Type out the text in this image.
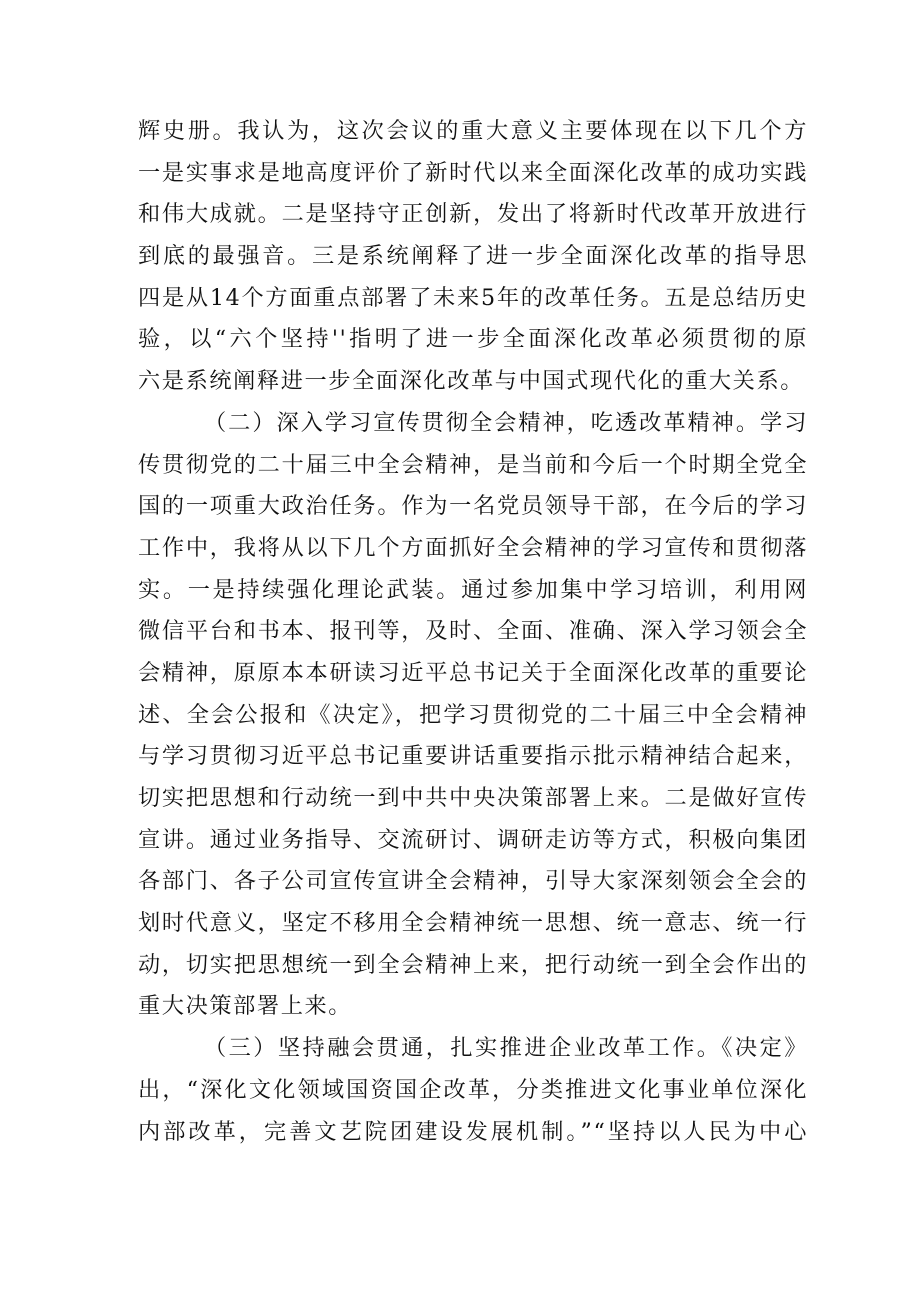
辉史册。我认为，这次会议的重大意义主要体现在以下几个方
一是实事求是地高度评价了新时代以来全面深化改革的成功实践
和伟大成就。二是坚持守正创新，发出了将新时代改革开放进行
到底的最强音。三是系统阐释了进一步全面深化改革的指导思
四是从14个方面重点部署了未来5年的改革任务。五是总结历史
验，以“六个坚持''指明了进一步全面深化改革必须贯彻的原
六是系统阐释进一步全面深化改革与中国式现代化的重大关系。
（二）深入学习宣传贯彻全会精神，吃透改革精神。学习
传贯彻党的二十届三中全会精神，是当前和今后一个时期全党全
国的一项重大政治任务。作为一名党员领导干部，在今后的学习
工作中，我将从以下几个方面抓好全会精神的学习宣传和贯彻落
实。一是持续强化理论武装。通过参加集中学习培训，利用网
微信平台和书本、报刊等，及时、全面、准确、深入学习领会全
会精神，原原本本研读习近平总书记关于全面深化改革的重要论
述、全会公报和《决定》，把学习贯彻党的二十届三中全会精神
与学习贯彻习近平总书记重要讲话重要指示批示精神结合起来，
切实把思想和行动统一到中共中央决策部署上来。二是做好宣传
宣讲。通过业务指导、交流研讨、调研走访等方式，积极向集团
各部门、各子公司宣传宣讲全会精神，引导大家深刻领会全会的
划时代意义，坚定不移用全会精神统一思想、统一意志、统一行
动，切实把思想统一到全会精神上来，把行动统一到全会作出的
重大决策部署上来。
（三）坚持融会贯通，扎实推进企业改革工作。《决定》
出，“深化文化领域国资国企改革，分类推进文化事业单位深化
内部改革，完善文艺院团建设发展机制。”“坚持以人民为中心
